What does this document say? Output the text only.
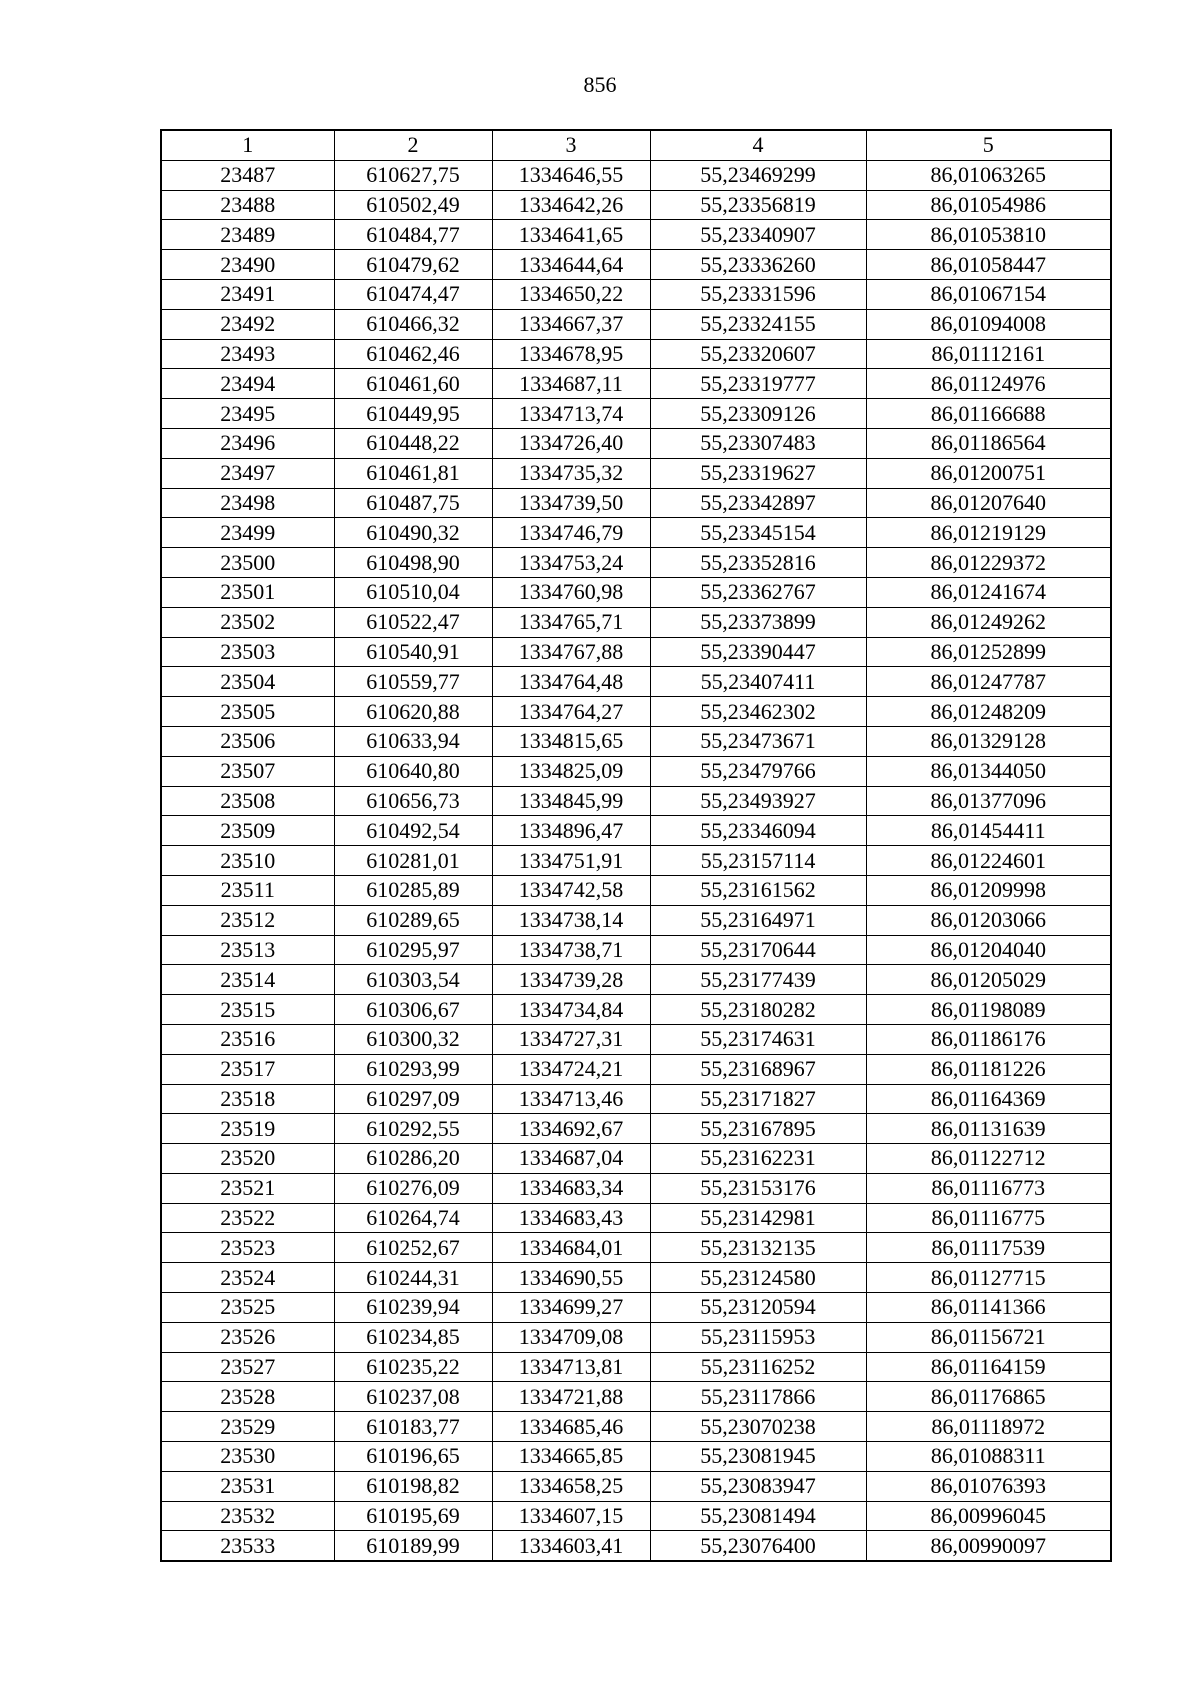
856
1	2	3	4	5
23487	610627,75	1334646,55	55,23469299	86,01063265
23488	610502,49	1334642,26	55,23356819	86,01054986
23489	610484,77	1334641,65	55,23340907	86,01053810
23490	610479,62	1334644,64	55,23336260	86,01058447
23491	610474,47	1334650,22	55,23331596	86,01067154
23492	610466,32	1334667,37	55,23324155	86,01094008
23493	610462,46	1334678,95	55,23320607	86,01112161
23494	610461,60	1334687,11	55,23319777	86,01124976
23495	610449,95	1334713,74	55,23309126	86,01166688
23496	610448,22	1334726,40	55,23307483	86,01186564
23497	610461,81	1334735,32	55,23319627	86,01200751
23498	610487,75	1334739,50	55,23342897	86,01207640
23499	610490,32	1334746,79	55,23345154	86,01219129
23500	610498,90	1334753,24	55,23352816	86,01229372
23501	610510,04	1334760,98	55,23362767	86,01241674
23502	610522,47	1334765,71	55,23373899	86,01249262
23503	610540,91	1334767,88	55,23390447	86,01252899
23504	610559,77	1334764,48	55,23407411	86,01247787
23505	610620,88	1334764,27	55,23462302	86,01248209
23506	610633,94	1334815,65	55,23473671	86,01329128
23507	610640,80	1334825,09	55,23479766	86,01344050
23508	610656,73	1334845,99	55,23493927	86,01377096
23509	610492,54	1334896,47	55,23346094	86,01454411
23510	610281,01	1334751,91	55,23157114	86,01224601
23511	610285,89	1334742,58	55,23161562	86,01209998
23512	610289,65	1334738,14	55,23164971	86,01203066
23513	610295,97	1334738,71	55,23170644	86,01204040
23514	610303,54	1334739,28	55,23177439	86,01205029
23515	610306,67	1334734,84	55,23180282	86,01198089
23516	610300,32	1334727,31	55,23174631	86,01186176
23517	610293,99	1334724,21	55,23168967	86,01181226
23518	610297,09	1334713,46	55,23171827	86,01164369
23519	610292,55	1334692,67	55,23167895	86,01131639
23520	610286,20	1334687,04	55,23162231	86,01122712
23521	610276,09	1334683,34	55,23153176	86,01116773
23522	610264,74	1334683,43	55,23142981	86,01116775
23523	610252,67	1334684,01	55,23132135	86,01117539
23524	610244,31	1334690,55	55,23124580	86,01127715
23525	610239,94	1334699,27	55,23120594	86,01141366
23526	610234,85	1334709,08	55,23115953	86,01156721
23527	610235,22	1334713,81	55,23116252	86,01164159
23528	610237,08	1334721,88	55,23117866	86,01176865
23529	610183,77	1334685,46	55,23070238	86,01118972
23530	610196,65	1334665,85	55,23081945	86,01088311
23531	610198,82	1334658,25	55,23083947	86,01076393
23532	610195,69	1334607,15	55,23081494	86,00996045
23533	610189,99	1334603,41	55,23076400	86,00990097
